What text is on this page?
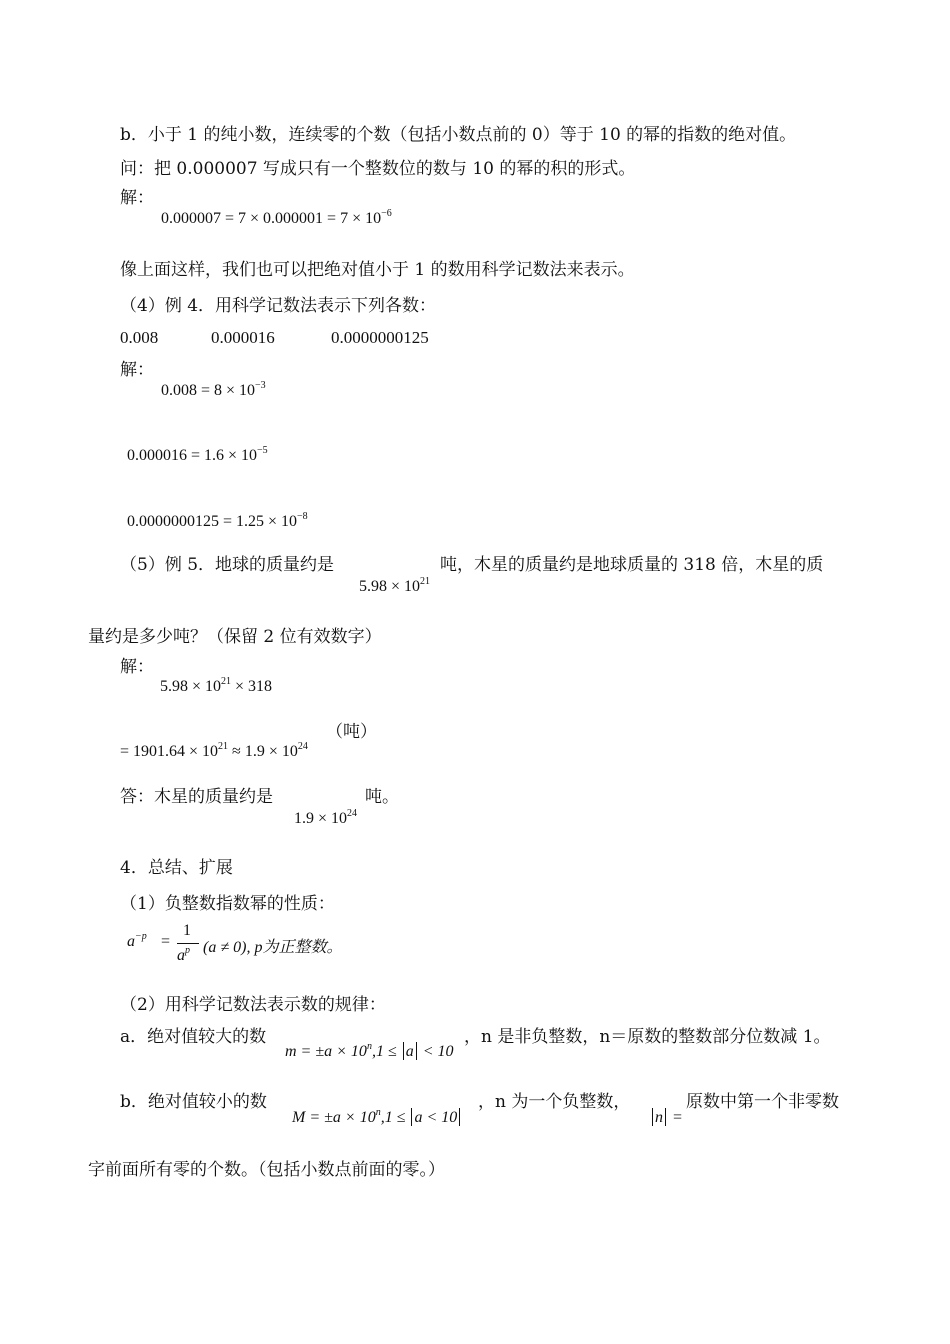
b．小于 1 的纯小数，连续零的个数（包括小数点前的 0）等于 10 的幂的指数的绝对值。
问：把 0.000007 写成只有一个整数位的数与 10 的幂的积的形式。
解：
$0.000007 = 7 \times 0.000001 = 7 \times 10^{-6}$
像上面这样，我们也可以把绝对值小于 1 的数用科学记数法来表示。
（4）例 4．用科学记数法表示下列各数：
0.008	0.000016	0.0000000125
解：
$0.008 = 8 \times 10^{-3}$
$0.000016 = 1.6 \times 10^{-5}$
$0.0000000125 = 1.25 \times 10^{-8}$
（5）例 5．地球的质量约是	吨，木星的质量约是地球质量的 318 倍，木星的质
$5.98 \times 10^{21}$
量约是多少吨？（保留 2 位有效数字）
解：
$5.98 \times 10^{21} \times 318$
（吨）
= $1901.64 \times 10^{21} \approx 1.9 \times 10^{24}$
答：木星的质量约是	吨。
$1.9 \times 10^{24}$
4．总结、扩展
（1）负整数指数幂的性质：
$a^{-p}$ =
1
$a^p$ (a ≠ 0), p为正整数。
（2）用科学记数法表示数的规律：
a．绝对值较大的数
$m = \pm a \times 10^n,1 \le a < 10$
，n 是非负整数，n＝原数的整数部分位数减 1。
b．绝对值较小的数
$M = \pm a \times 10^n,1 \le a < 10$
，n 为一个负整数，
n =
原数中第一个非零数
字前面所有零的个数。（包括小数点前面的零。）
